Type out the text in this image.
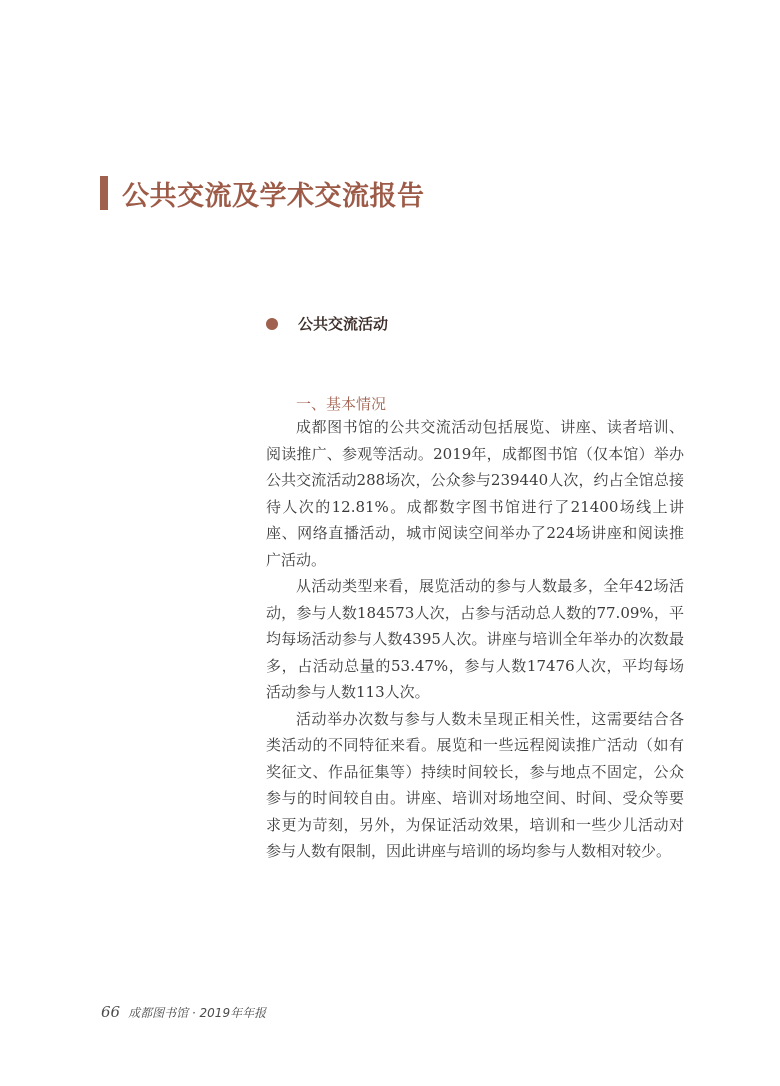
公共交流及学术交流报告
公共交流活动
一、基本情况

成都图书馆的公共交流活动包括展览、讲座、读者培训、阅读推广、参观等活动。2019年，成都图书馆（仅本馆）举办公共交流活动288场次，公众参与239440人次，约占全馆总接待人次的12.81%。成都数字图书馆进行了21400场线上讲座、网络直播活动，城市阅读空间举办了224场讲座和阅读推广活动。

从活动类型来看，展览活动的参与人数最多，全年42场活动，参与人数184573人次，占参与活动总人数的77.09%，平均每场活动参与人数4395人次。讲座与培训全年举办的次数最多，占活动总量的53.47%，参与人数17476人次，平均每场活动参与人数113人次。

活动举办次数与参与人数未呈现正相关性，这需要结合各类活动的不同特征来看。展览和一些远程阅读推广活动（如有奖征文、作品征集等）持续时间较长，参与地点不固定，公众参与的时间较自由。讲座、培训对场地空间、时间、受众等要求更为苛刻，另外，为保证活动效果，培训和一些少儿活动对参与人数有限制，因此讲座与培训的场均参与人数相对较少。

66 成都图书馆 · 2019年年报
